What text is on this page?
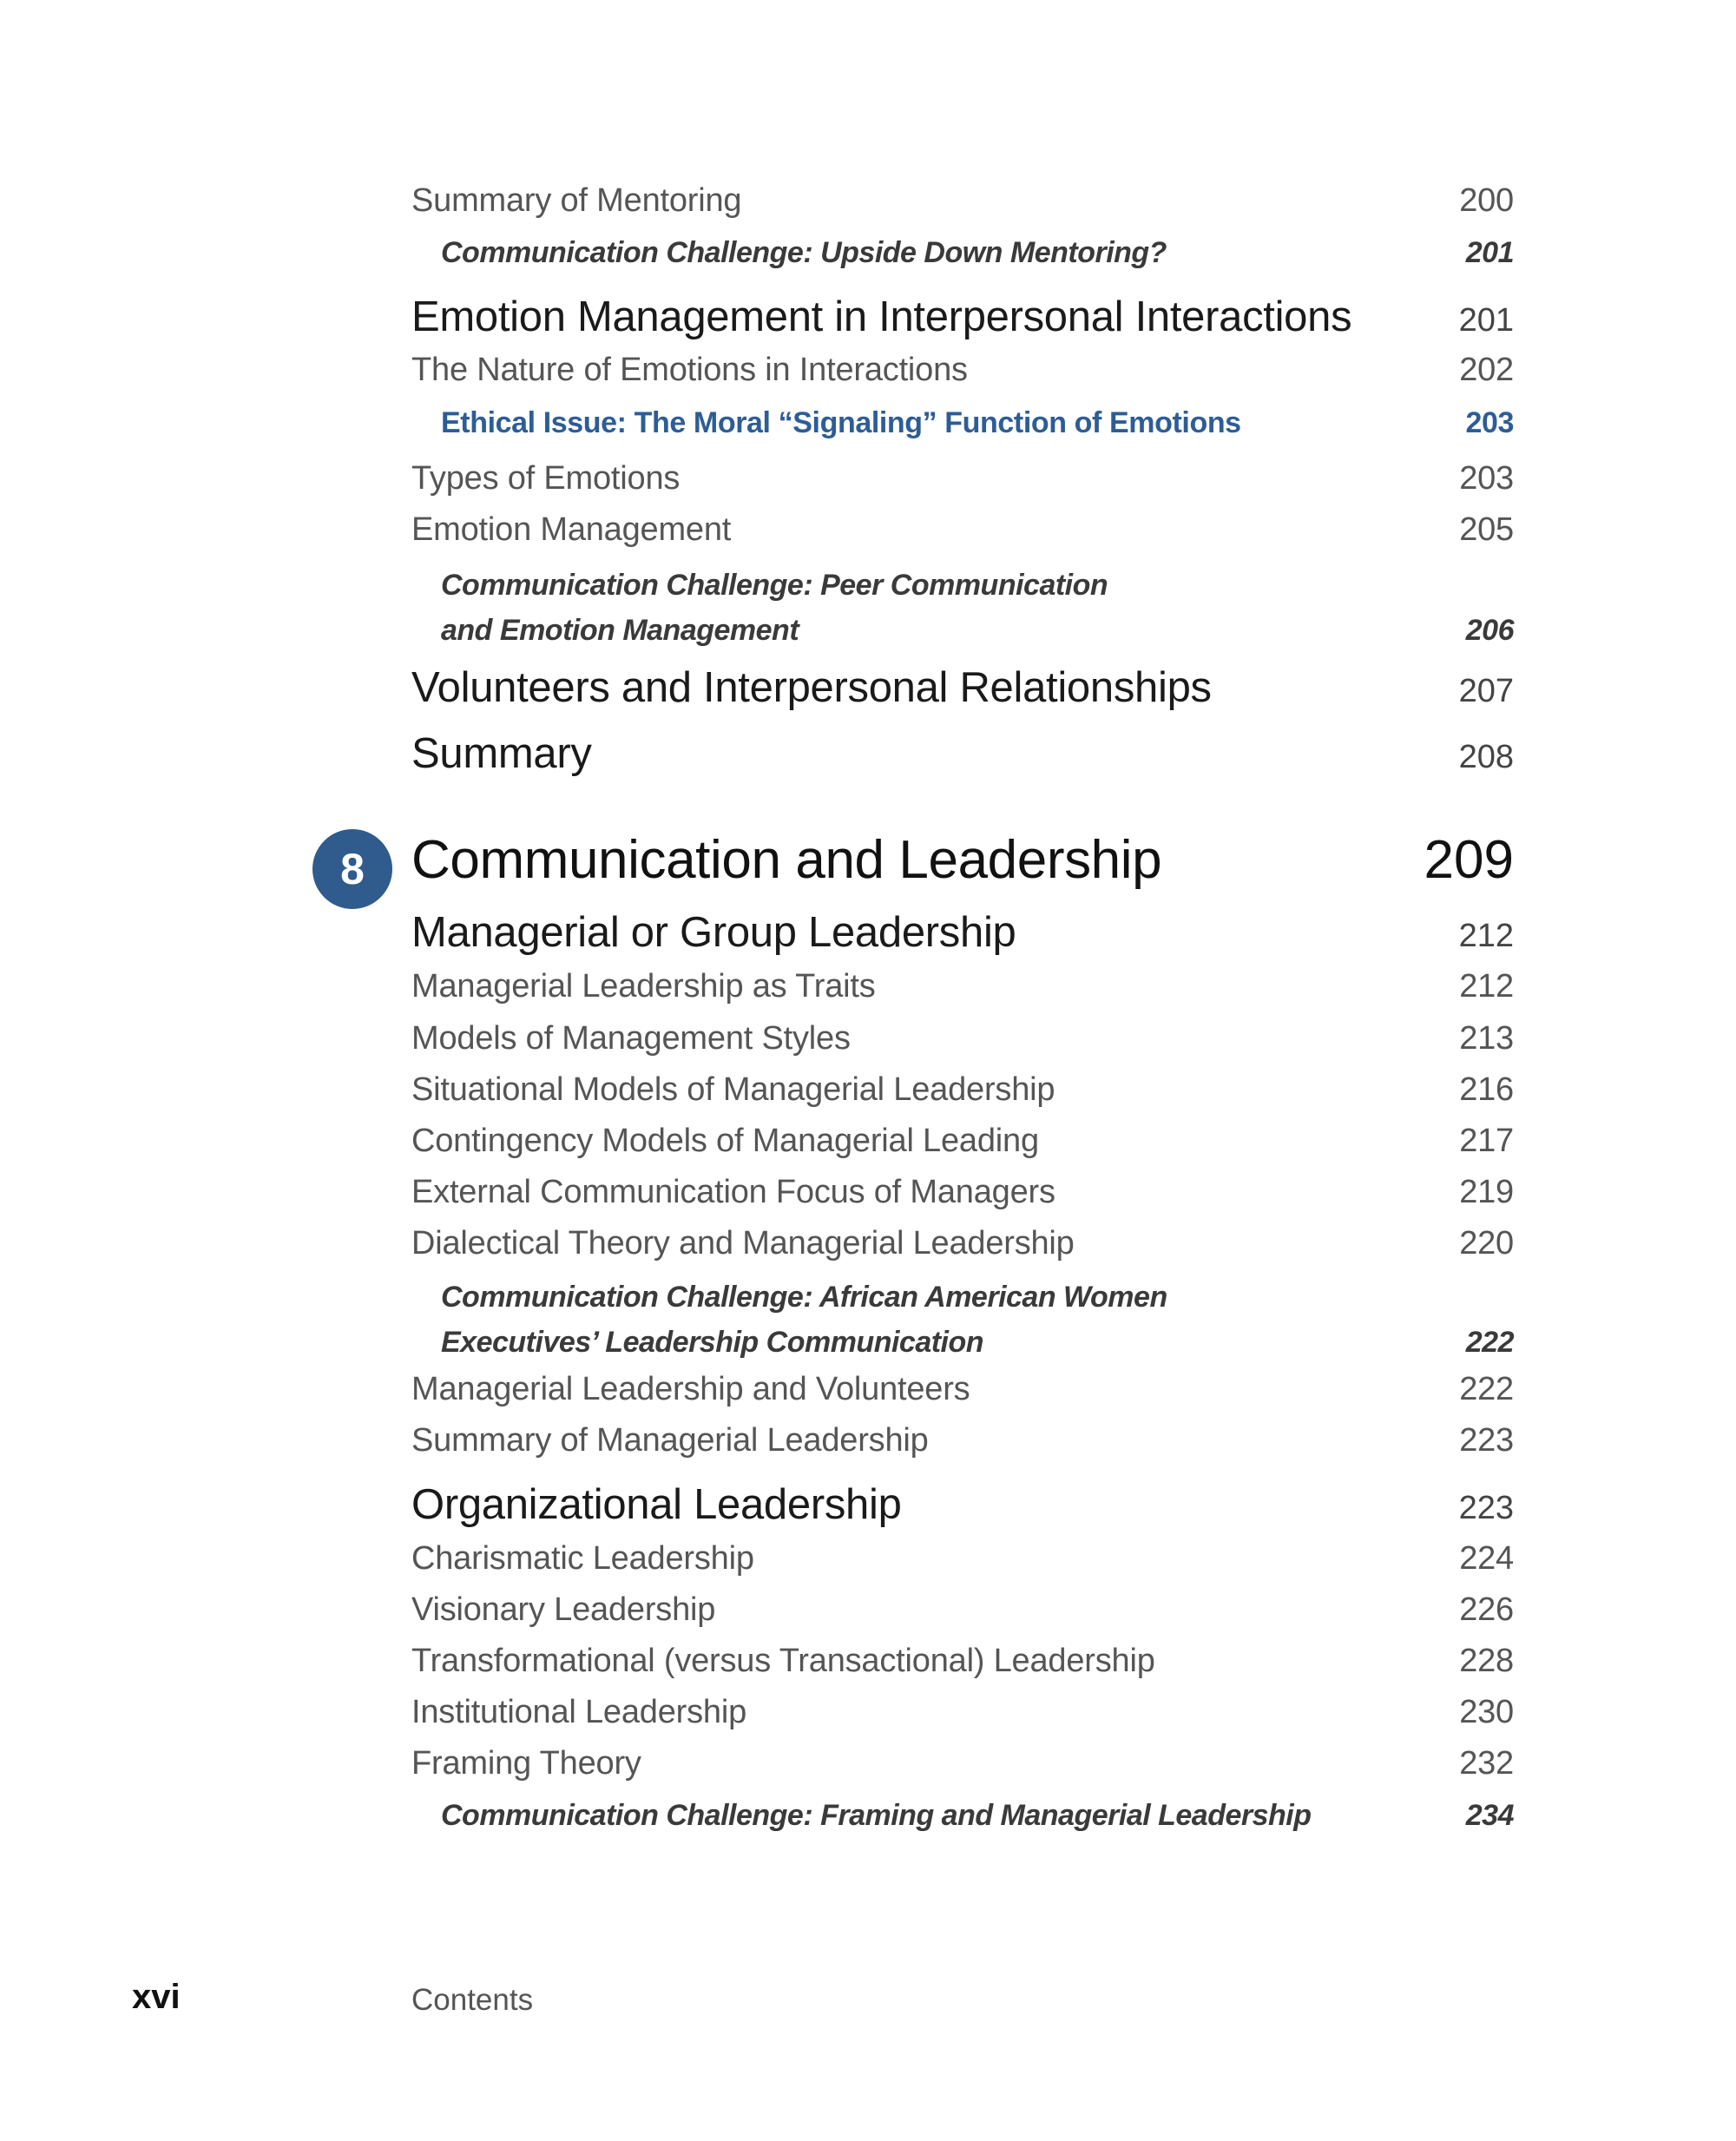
Summary of Mentoring	200
Communication Challenge: Upside Down Mentoring?	201
Emotion Management in Interpersonal Interactions	201
The Nature of Emotions in Interactions	202
Ethical Issue: The Moral “Signaling” Function of Emotions	203
Types of Emotions	203
Emotion Management	205
Communication Challenge: Peer Communication
and Emotion Management	206
Volunteers and Interpersonal Relationships	207
Summary	208
8 Communication and Leadership	209
Managerial or Group Leadership	212
Managerial Leadership as Traits	212
Models of Management Styles	213
Situational Models of Managerial Leadership	216
Contingency Models of Managerial Leading	217
External Communication Focus of Managers	219
Dialectical Theory and Managerial Leadership	220
Communication Challenge: African American Women
Executives’ Leadership Communication	222
Managerial Leadership and Volunteers	222
Summary of Managerial Leadership	223
Organizational Leadership	223
Charismatic Leadership	224
Visionary Leadership	226
Transformational (versus Transactional) Leadership	228
Institutional Leadership	230
Framing Theory	232
Communication Challenge: Framing and Managerial Leadership	234
xvi	Contents
